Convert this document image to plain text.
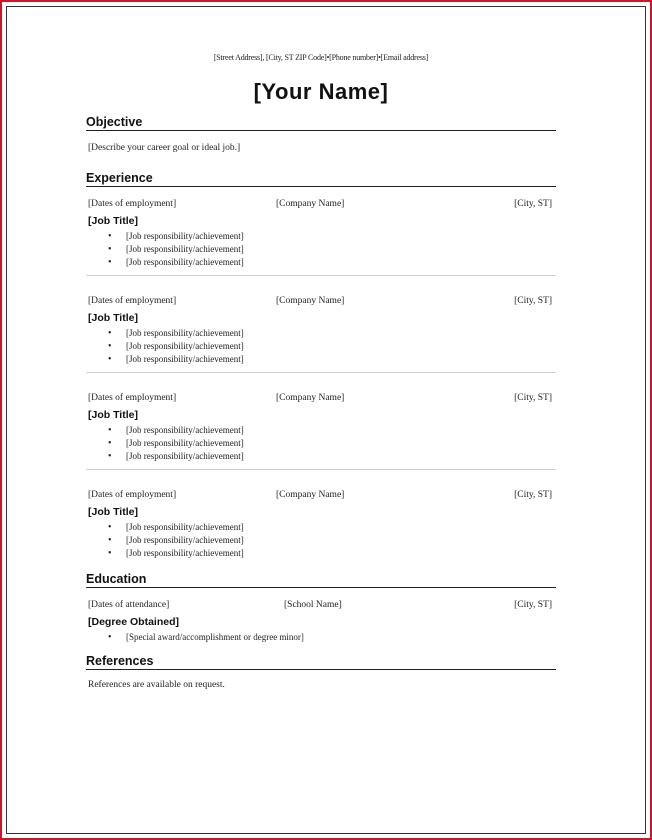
[Street Address], [City, ST ZIP Code]•[Phone number]•[Email address]
[Your Name]
Objective
[Describe your career goal or ideal job.]
Experience
[Dates of employment]	[Company Name]	[City, ST]
[Job Title]
• [Job responsibility/achievement]
• [Job responsibility/achievement]
• [Job responsibility/achievement]
[Dates of employment]	[Company Name]	[City, ST]
[Job Title]
• [Job responsibility/achievement]
• [Job responsibility/achievement]
• [Job responsibility/achievement]
[Dates of employment]	[Company Name]	[City, ST]
[Job Title]
• [Job responsibility/achievement]
• [Job responsibility/achievement]
• [Job responsibility/achievement]
[Dates of employment]	[Company Name]	[City, ST]
[Job Title]
• [Job responsibility/achievement]
• [Job responsibility/achievement]
• [Job responsibility/achievement]
Education
[Dates of attendance]	[School Name]	[City, ST]
[Degree Obtained]
• [Special award/accomplishment or degree minor]
References
References are available on request.
